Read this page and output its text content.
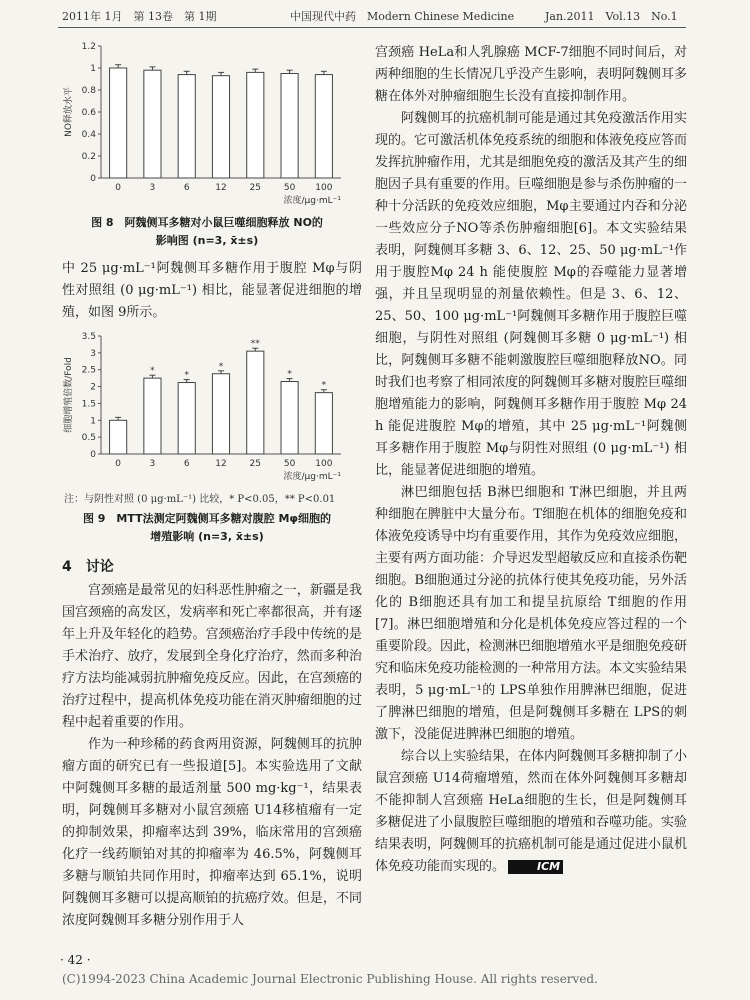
2011年 1月　第 13卷　第 1期	中国现代中药　Modern Chinese Medicine	Jan.2011　Vol.13　No.1
0
0.2
0.4
0.6
0.8
1
1.2
NO释放水平
0	3	6	12	25	50 100
浓度/μg·mL⁻¹
图 8　阿魏侧耳多糖对小鼠巨噬细胞释放 NO的
影响图 (n=3, x̄±s)

中 25 μg·mL⁻¹阿魏侧耳多糖作用于腹腔 Mφ与阴性对照组 (0 μg·mL⁻¹) 相比，能显著促进细胞的增殖，如图 9所示。

0
0.5
1
1.5
2
2.5
3
3.5
细胞增殖倍数/Fold
0
*
3
*
6
*
12
**
25
*
50
*
100
浓度/μg·mL⁻¹
注：与阴性对照 (0 μg·mL⁻¹) 比较，* P<0.05，** P<0.01
图 9　MTT法测定阿魏侧耳多糖对腹腔 Mφ细胞的
增殖影响 (n=3, x̄±s)
4　讨论

宫颈癌是最常见的妇科恶性肿瘤之一，新疆是我国宫颈癌的高发区，发病率和死亡率都很高，并有逐年上升及年轻化的趋势。宫颈癌治疗手段中传统的是手术治疗、放疗，发展到全身化疗治疗，然而多种治疗方法均能减弱抗肿瘤免疫反应。因此，在宫颈癌的治疗过程中，提高机体免疫功能在消灭肿瘤细胞的过程中起着重要的作用。

作为一种珍稀的药食两用资源，阿魏侧耳的抗肿瘤方面的研究已有一些报道[5]。本实验选用了文献中阿魏侧耳多糖的最适剂量 500 mg·kg⁻¹，结果表明，阿魏侧耳多糖对小鼠宫颈癌 U14移植瘤有一定的抑制效果，抑瘤率达到 39%，临床常用的宫颈癌化疗一线药顺铂对其的抑瘤率为 46.5%，阿魏侧耳多糖与顺铂共同作用时，抑瘤率达到 65.1%，说明阿魏侧耳多糖可以提高顺铂的抗癌疗效。但是，不同浓度阿魏侧耳多糖分别作用于人

宫颈癌 HeLa和人乳腺癌 MCF-7细胞不同时间后，对两种细胞的生长情况几乎没产生影响，表明阿魏侧耳多糖在体外对肿瘤细胞生长没有直接抑制作用。

阿魏侧耳的抗癌机制可能是通过其免疫激活作用实现的。它可激活机体免疫系统的细胞和体液免疫应答而发挥抗肿瘤作用，尤其是细胞免疫的激活及其产生的细胞因子具有重要的作用。巨噬细胞是参与杀伤肿瘤的一种十分活跃的免疫效应细胞，Mφ主要通过内吞和分泌一些效应分子NO等杀伤肿瘤细胞[6]。本文实验结果表明，阿魏侧耳多糖 3、6、12、25、50 μg·mL⁻¹作用于腹腔Mφ 24 h 能使腹腔 Mφ的吞噬能力显著增强，并且呈现明显的剂量依赖性。但是 3、6、12、25、50、100 μg·mL⁻¹阿魏侧耳多糖作用于腹腔巨噬细胞，与阴性对照组 (阿魏侧耳多糖 0 μg·mL⁻¹) 相比，阿魏侧耳多糖不能刺激腹腔巨噬细胞释放NO。同时我们也考察了相同浓度的阿魏侧耳多糖对腹腔巨噬细胞增殖能力的影响，阿魏侧耳多糖作用于腹腔 Mφ 24 h 能促进腹腔 Mφ的增殖，其中 25 μg·mL⁻¹阿魏侧耳多糖作用于腹腔 Mφ与阴性对照组 (0 μg·mL⁻¹) 相比，能显著促进细胞的增殖。

淋巴细胞包括 B淋巴细胞和 T淋巴细胞，并且两种细胞在脾脏中大量分布。T细胞在机体的细胞免疫和体液免疫诱导中均有重要作用，其作为免疫效应细胞，主要有两方面功能：介导迟发型超敏反应和直接杀伤靶细胞。B细胞通过分泌的抗体行使其免疫功能，另外活化的 B细胞还具有加工和提呈抗原给 T细胞的作用[7]。淋巴细胞增殖和分化是机体免疫应答过程的一个重要阶段。因此，检测淋巴细胞增殖水平是细胞免疫研究和临床免疫功能检测的一种常用方法。本文实验结果表明，5 μg·mL⁻¹的 LPS单独作用脾淋巴细胞，促进了脾淋巴细胞的增殖，但是阿魏侧耳多糖在 LPS的刺激下，没能促进脾淋巴细胞的增殖。

综合以上实验结果，在体内阿魏侧耳多糖抑制了小鼠宫颈癌 U14荷瘤增殖，然而在体外阿魏侧耳多糖却不能抑制人宫颈癌 HeLa细胞的生长，但是阿魏侧耳多糖促进了小鼠腹腔巨噬细胞的增殖和吞噬功能。实验结果表明，阿魏侧耳的抗癌机制可能是通过促进小鼠机体免疫功能而实现的。	ICM

· 42 ·
(C)1994-2023 China Academic Journal Electronic Publishing House. All rights reserved.
